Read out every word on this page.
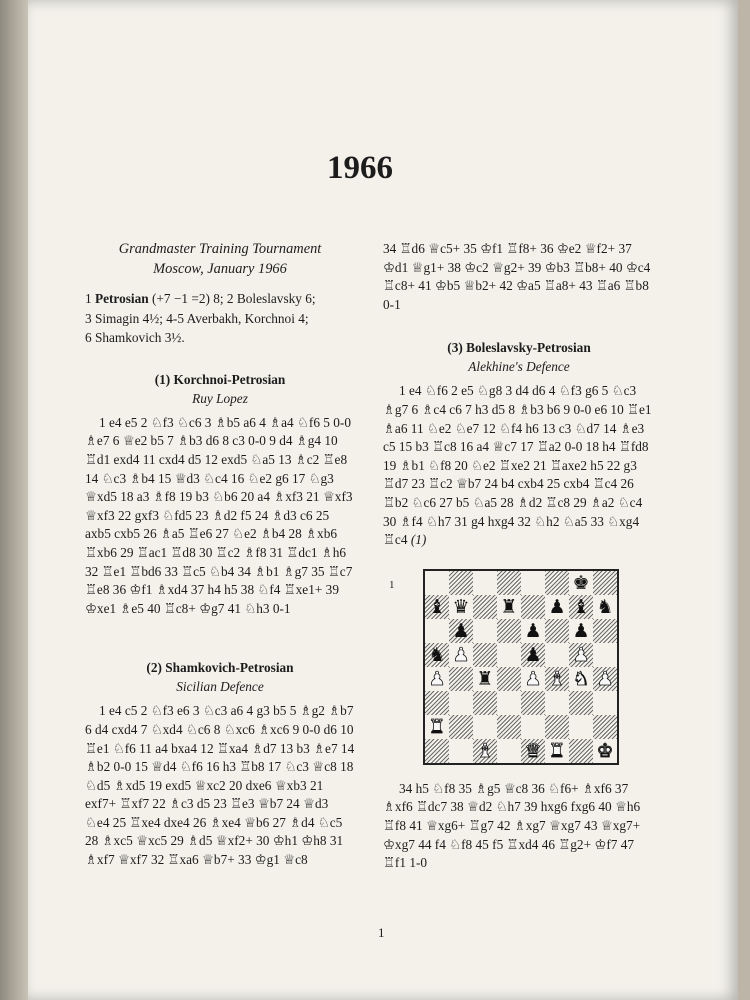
1966
Grandmaster Training Tournament
Moscow, January 1966
1 Petrosian (+7 −1 =2) 8; 2 Boleslavsky 6;
3 Simagin 4½; 4-5 Averbakh, Korchnoi 4;
6 Shamkovich 3½.
(1) Korchnoi-Petrosian
Ruy Lopez
1 e4 e5 2 ♘f3 ♘c6 3 ♗b5 a6 4 ♗a4 ♘f6 5 0-0 ♗e7 6 ♕e2 b5 7 ♗b3 d6 8 c3 0-0 9 d4 ♗g4 10 ♖d1 exd4 11 cxd4 d5 12 exd5 ♘a5 13 ♗c2 ♖e8 14 ♘c3 ♗b4 15 ♕d3 ♘c4 16 ♘e2 g6 17 ♘g3 ♕xd5 18 a3 ♗f8 19 b3 ♘b6 20 a4 ♗xf3 21 ♕xf3 ♕xf3 22 gxf3 ♘fd5 23 ♗d2 f5 24 ♗d3 c6 25 axb5 cxb5 26 ♗a5 ♖e6 27 ♘e2 ♗b4 28 ♗xb6 ♖xb6 29 ♖ac1 ♖d8 30 ♖c2 ♗f8 31 ♖dc1 ♗h6 32 ♖e1 ♖bd6 33 ♖c5 ♘b4 34 ♗b1 ♗g7 35 ♖c7 ♖e8 36 ♔f1 ♗xd4 37 h4 h5 38 ♘f4 ♖xe1+ 39 ♔xe1 ♗e5 40 ♖c8+ ♔g7 41 ♘h3 0-1
(2) Shamkovich-Petrosian
Sicilian Defence
1 e4 c5 2 ♘f3 e6 3 ♘c3 a6 4 g3 b5 5 ♗g2 ♗b7 6 d4 cxd4 7 ♘xd4 ♘c6 8 ♘xc6 ♗xc6 9 0-0 d6 10 ♖e1 ♘f6 11 a4 bxa4 12 ♖xa4 ♗d7 13 b3 ♗e7 14 ♗b2 0-0 15 ♕d4 ♘f6 16 h3 ♖b8 17 ♘c3 ♕c8 18 ♘d5 ♗xd5 19 exd5 ♕xc2 20 dxe6 ♕xb3 21 exf7+ ♖xf7 22 ♗c3 d5 23 ♖e3 ♕b7 24 ♕d3 ♘e4 25 ♖xe4 dxe4 26 ♗xe4 ♕b6 27 ♗d4 ♘c5 28 ♗xc5 ♕xc5 29 ♗d5 ♕xf2+ 30 ♔h1 ♔h8 31 ♗xf7 ♕xf7 32 ♖xa6 ♕b7+ 33 ♔g1 ♕c8
34 ♖d6 ♕c5+ 35 ♔f1 ♖f8+ 36 ♔e2 ♕f2+ 37 ♔d1 ♕g1+ 38 ♔c2 ♕g2+ 39 ♔b3 ♖b8+ 40 ♔c4 ♖c8+ 41 ♔b5 ♕b2+ 42 ♔a5 ♖a8+ 43 ♖a6 ♖b8 0-1
(3) Boleslavsky-Petrosian
Alekhine's Defence
1 e4 ♘f6 2 e5 ♘g8 3 d4 d6 4 ♘f3 g6 5 ♘c3 ♗g7 6 ♗c4 c6 7 h3 d5 8 ♗b3 b6 9 0-0 e6 10 ♖e1 ♗a6 11 ♘e2 ♘e7 12 ♘f4 h6 13 c3 ♘d7 14 ♗e3 c5 15 b3 ♖c8 16 a4 ♕c7 17 ♖a2 0-0 18 h4 ♖fd8 19 ♗b1 ♘f8 20 ♘e2 ♖xe2 21 ♖axe2 h5 22 g3 ♖d7 23 ♖c2 ♕b7 24 b4 cxb4 25 cxb4 ♖c4 26 ♖b2 ♘c6 27 b5 ♘a5 28 ♗d2 ♖c8 29 ♗a2 ♘c4 30 ♗f4 ♘h7 31 g4 hxg4 32 ♘h2 ♘a5 33 ♘xg4 ♖c4 (1)
1	♚
♝ ♛ ♜ ♟ ♝ ♞
♟	♟ ♟
♞ ♟	♟ ♟
♟ ♜ ♟ ♝ ♞ ♟
♜
♝ ♛ ♜ ♚
34 h5 ♘f8 35 ♗g5 ♕c8 36 ♘f6+ ♗xf6 37 ♗xf6 ♖dc7 38 ♕d2 ♘h7 39 hxg6 fxg6 40 ♕h6 ♖f8 41 ♕xg6+ ♖g7 42 ♗xg7 ♕xg7 43 ♕xg7+ ♔xg7 44 f4 ♘f8 45 f5 ♖xd4 46 ♖g2+ ♔f7 47 ♖f1 1-0
1
